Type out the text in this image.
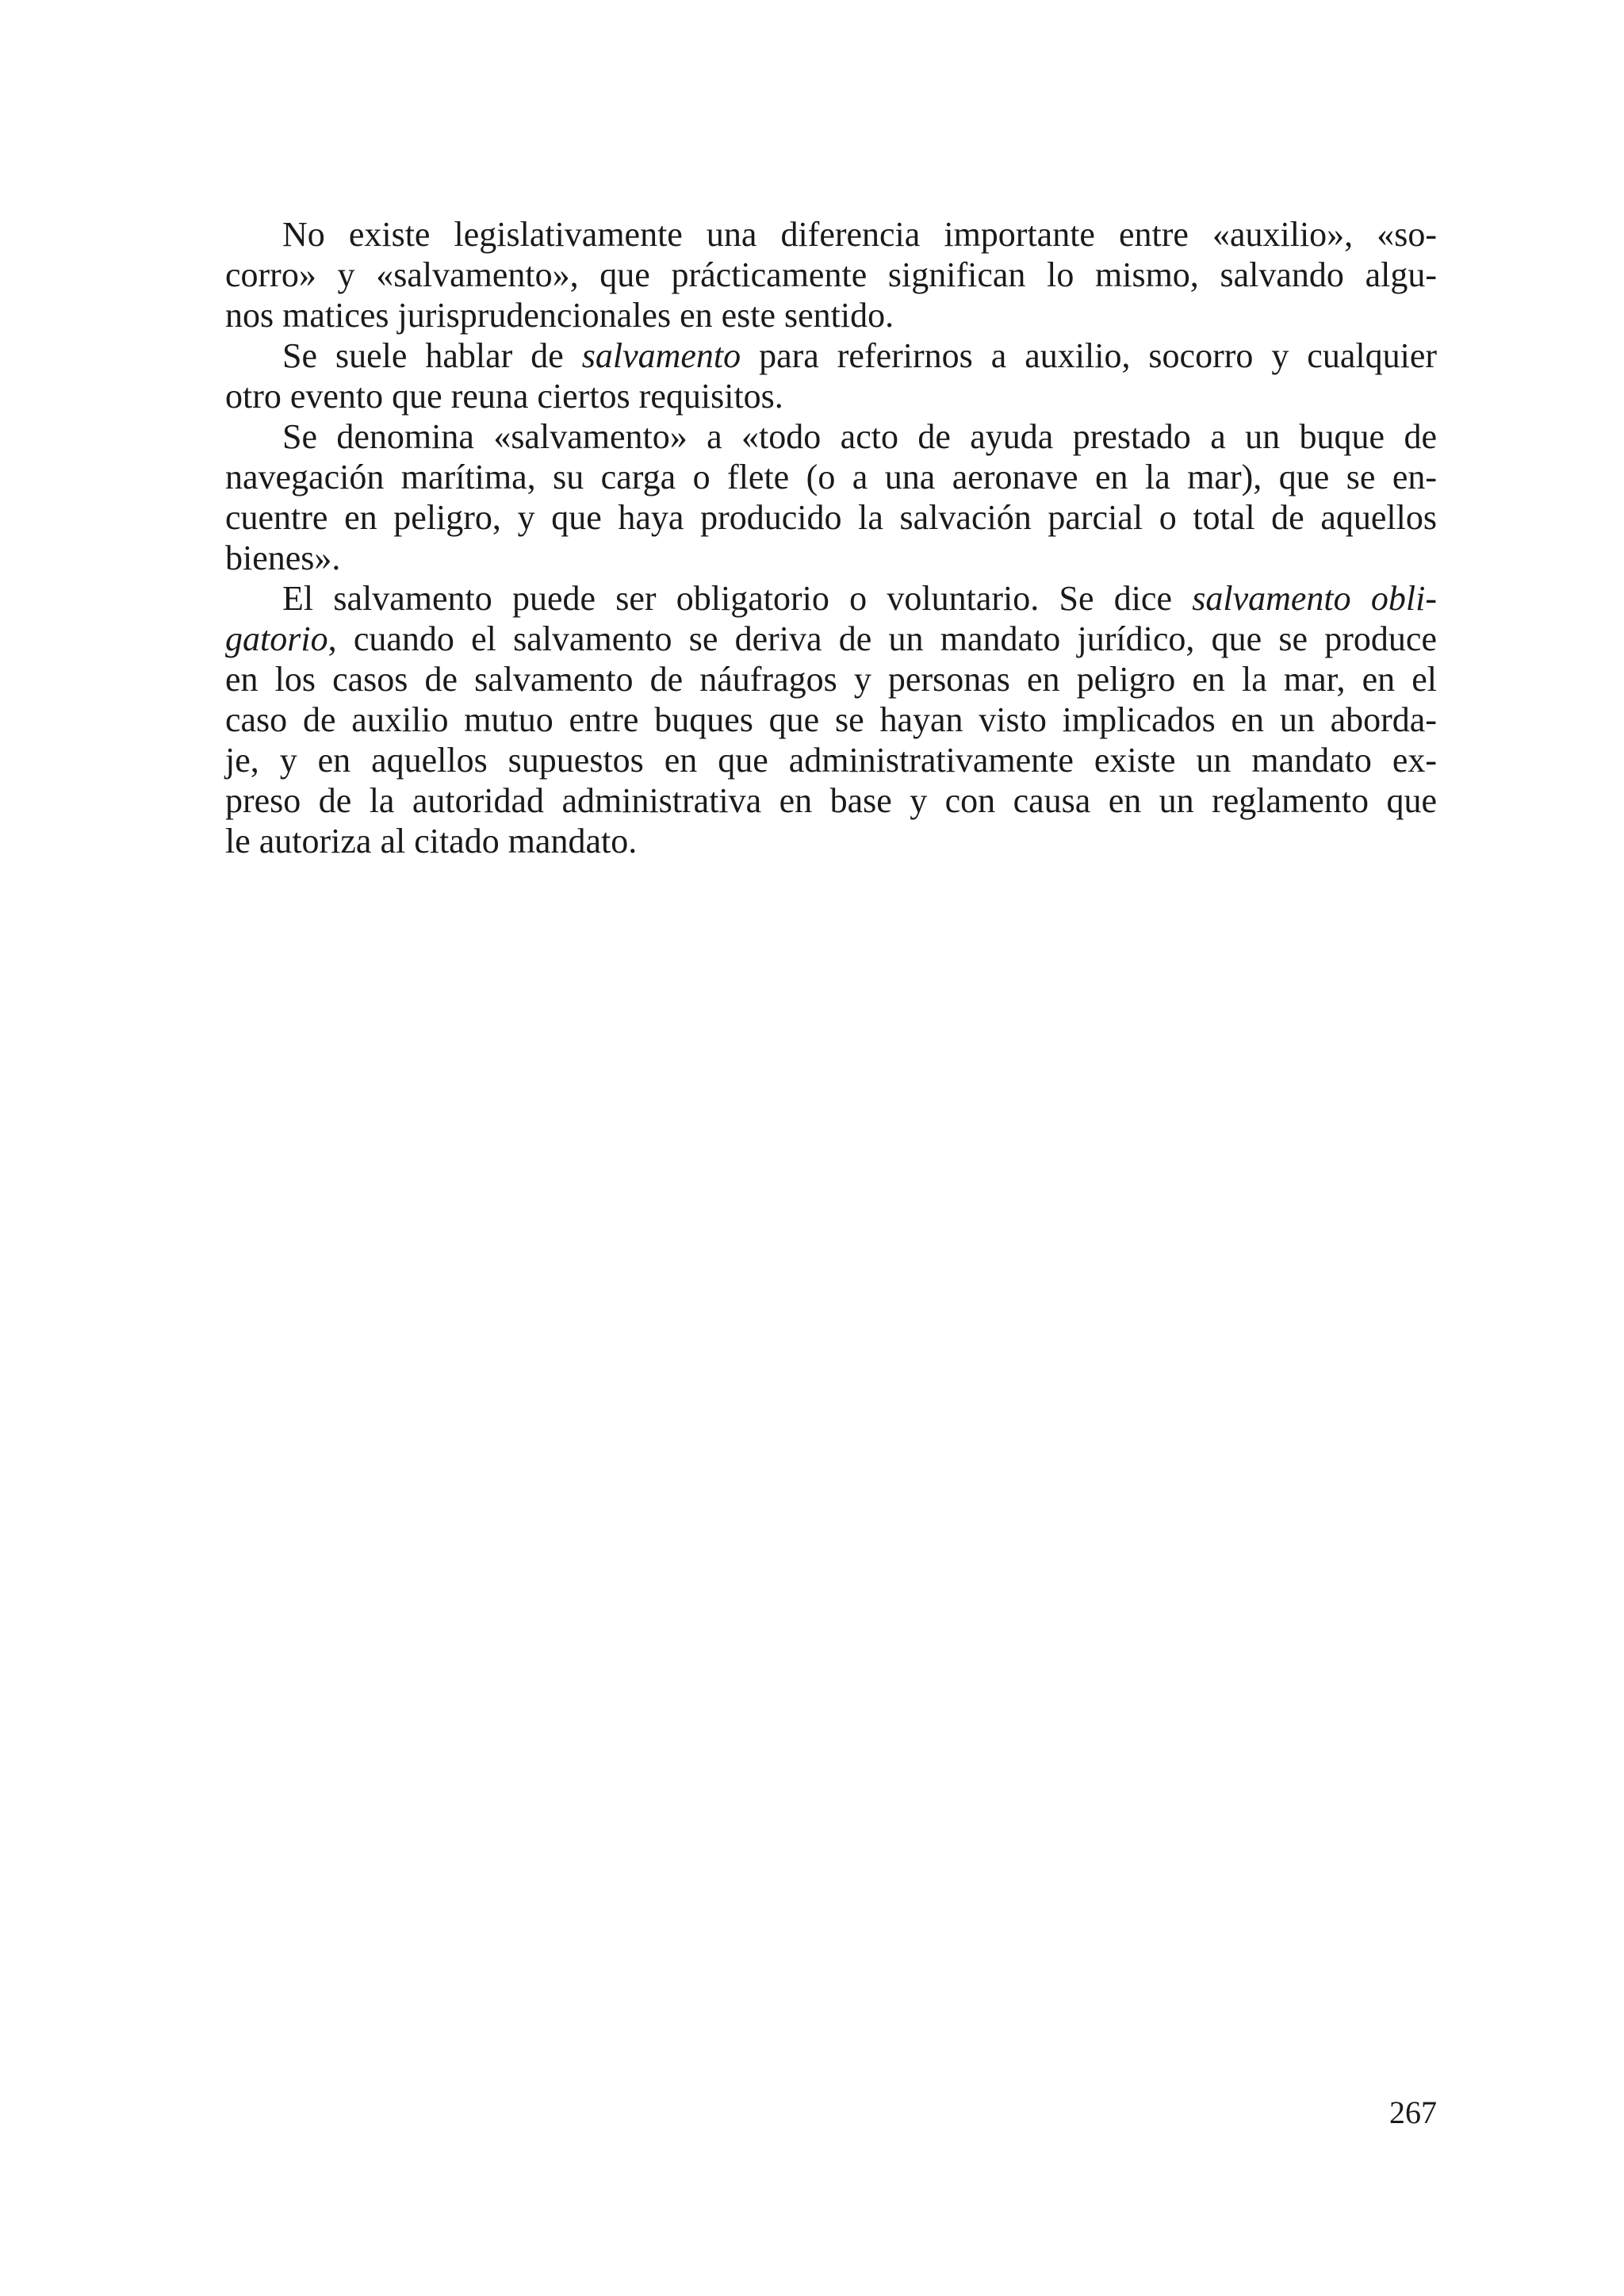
No existe legislativamente una diferencia importante entre «auxilio», «so-
corro» y «salvamento», que prácticamente significan lo mismo, salvando algu-
nos matices jurisprudencionales en este sentido.
Se suele hablar de salvamento para referirnos a auxilio, socorro y cualquier
otro evento que reuna ciertos requisitos.
Se denomina «salvamento» a «todo acto de ayuda prestado a un buque de
navegación marítima, su carga o flete (o a una aeronave en la mar), que se en-
cuentre en peligro, y que haya producido la salvación parcial o total de aquellos
bienes».
El salvamento puede ser obligatorio o voluntario. Se dice salvamento obli-
gatorio, cuando el salvamento se deriva de un mandato jurídico, que se produce
en los casos de salvamento de náufragos y personas en peligro en la mar, en el
caso de auxilio mutuo entre buques que se hayan visto implicados en un aborda-
je, y en aquellos supuestos en que administrativamente existe un mandato ex-
preso de la autoridad administrativa en base y con causa en un reglamento que
le autoriza al citado mandato.
267
